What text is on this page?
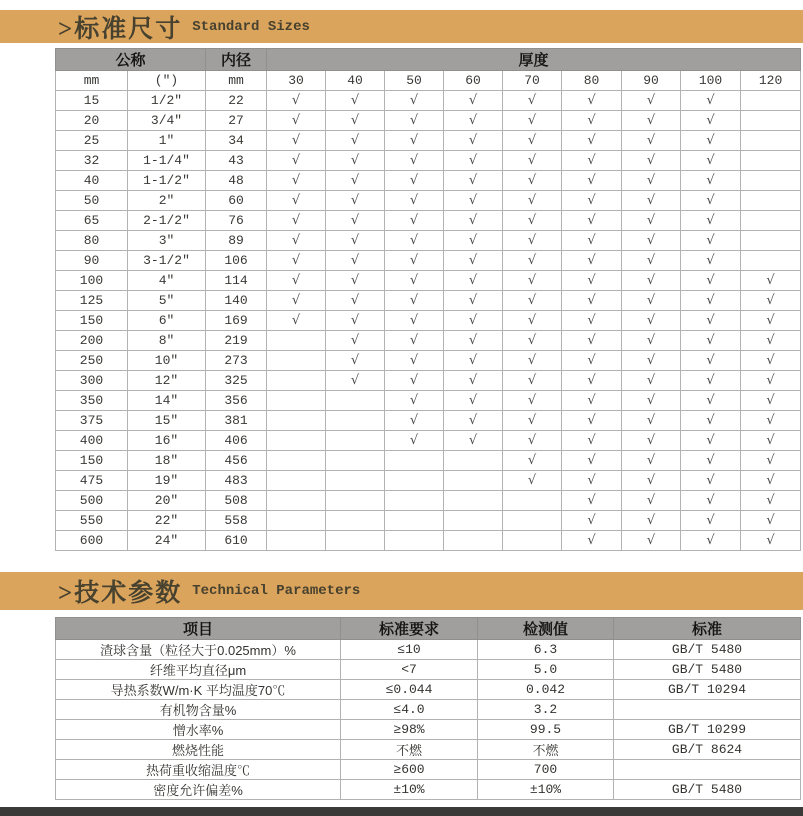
>标准尺寸 Standard Sizes
公称		内径	厚度								
mm	(″)	mm	30	40	50	60	70	80	90	100	120
15	1/2″	22	√	√	√	√	√	√	√	√	
20	3/4″	27	√	√	√	√	√	√	√	√	
25	1″	34	√	√	√	√	√	√	√	√	
32	1-1/4″	43	√	√	√	√	√	√	√	√	
40	1-1/2″	48	√	√	√	√	√	√	√	√	
50	2″	60	√	√	√	√	√	√	√	√	
65	2-1/2″	76	√	√	√	√	√	√	√	√	
80	3″	89	√	√	√	√	√	√	√	√	
90	3-1/2″	106	√	√	√	√	√	√	√	√	
100	4″	114	√	√	√	√	√	√	√	√	√
125	5″	140	√	√	√	√	√	√	√	√	√
150	6″	169	√	√	√	√	√	√	√	√	√
200	8″	219		√	√	√	√	√	√	√	√
250	10″	273		√	√	√	√	√	√	√	√
300	12″	325		√	√	√	√	√	√	√	√
350	14″	356			√	√	√	√	√	√	√
375	15″	381			√	√	√	√	√	√	√
400	16″	406			√	√	√	√	√	√	√
150	18″	456					√	√	√	√	√
475	19″	483					√	√	√	√	√
500	20″	508						√	√	√	√
550	22″	558						√	√	√	√
600	24″	610						√	√	√	√
>技术参数 Technical Parameters
项目	标准要求	检测值	标准
渣球含量（粒径大于0.025mm）%	≤10	6.3	GB/T 5480
纤维平均直径μm	<7	5.0	GB/T 5480
导热系数W/m·K 平均温度70℃	≤0.044	0.042	GB/T 10294
有机物含量%	≤4.0	3.2	
憎水率%	≥98%	99.5	GB/T 10299
燃烧性能	不燃	不燃	GB/T 8624
热荷重收缩温度℃	≥600	700	
密度允许偏差%	±10%	±10%	GB/T 5480
